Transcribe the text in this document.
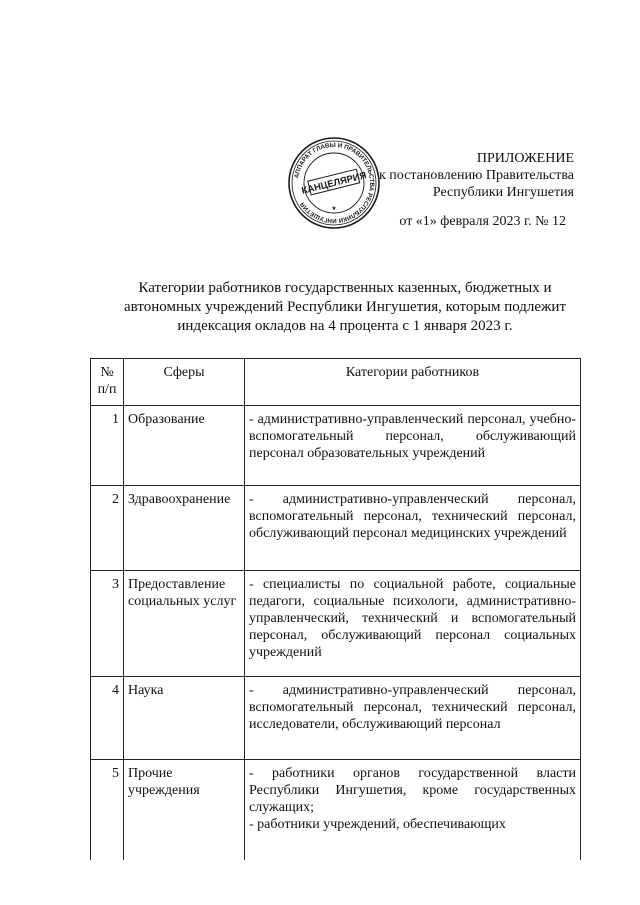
АППАРАТ ГЛАВЫ И ПРАВИТЕЛЬСТВА РЕСПУБЛИКИ ИНГУШЕТИЯ
КАНЦЕЛЯРИЯ
★
ПРИЛОЖЕНИЕ
к постановлению Правительства
Республики Ингушетия
от «1» февраля 2023 г. № 12
Категории работников государственных казенных, бюджетных и
автономных учреждений Республики Ингушетия, которым подлежит
индексация окладов на 4 процента с 1 января 2023 г.
№ п/п	Сферы	Категории работников
1	Образование	- административно-управленческий персонал, учебно-вспомогательный персонал, обслуживающий персонал образовательных учреждений

2	Здравоохранение	- административно-управленческий персонал, вспомогательный персонал, технический персонал, обслуживающий персонал медицинских учреждений

3	Предоставление социальных услуг	- специалисты по социальной работе, социальные педагоги, социальные психологи, административно-управленческий, технический и вспомогательный персонал, обслуживающий персонал социальных учреждений

4	Наука	- административно-управленческий персонал, вспомогательный персонал, технический персонал, исследователи, обслуживающий персонал

5	Прочие учреждения	- работники органов государственной власти Республики Ингушетия, кроме государственных служащих;
- работники учреждений, обеспечивающих
